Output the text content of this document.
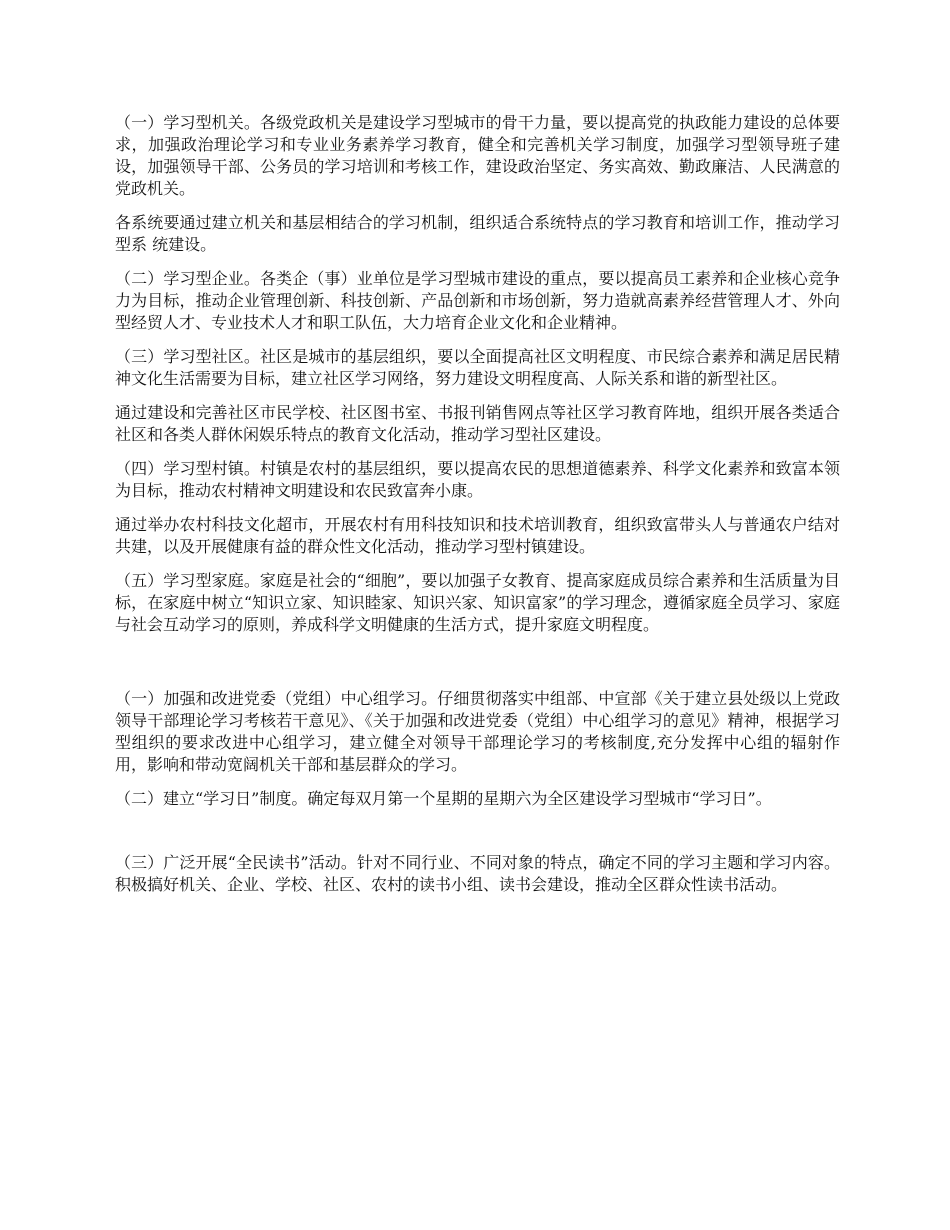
（一）学习型机关。各级党政机关是建设学习型城市的骨干力量，要以提高党的执政能力建设的总体要求，加强政治理论学习和专业业务素养学习教育，健全和完善机关学习制度，加强学习型领导班子建设，加强领导干部、公务员的学习培训和考核工作，建设政治坚定、务实高效、勤政廉洁、人民满意的党政机关。

各系统要通过建立机关和基层相结合的学习机制，组织适合系统特点的学习教育和培训工作，推动学习型系 统建设。

（二）学习型企业。各类企（事）业单位是学习型城市建设的重点，要以提高员工素养和企业核心竞争力为目标，推动企业管理创新、科技创新、产品创新和市场创新，努力造就高素养经营管理人才、外向型经贸人才、专业技术人才和职工队伍，大力培育企业文化和企业精神。

（三）学习型社区。社区是城市的基层组织，要以全面提高社区文明程度、市民综合素养和满足居民精神文化生活需要为目标，建立社区学习网络，努力建设文明程度高、人际关系和谐的新型社区。

通过建设和完善社区市民学校、社区图书室、书报刊销售网点等社区学习教育阵地，组织开展各类适合社区和各类人群休闲娱乐特点的教育文化活动，推动学习型社区建设。

（四）学习型村镇。村镇是农村的基层组织，要以提高农民的思想道德素养、科学文化素养和致富本领为目标，推动农村精神文明建设和农民致富奔小康。

通过举办农村科技文化超市，开展农村有用科技知识和技术培训教育，组织致富带头人与普通农户结对共建，以及开展健康有益的群众性文化活动，推动学习型村镇建设。

（五）学习型家庭。家庭是社会的“细胞”，要以加强子女教育、提高家庭成员综合素养和生活质量为目标，在家庭中树立“知识立家、知识睦家、知识兴家、知识富家”的学习理念，遵循家庭全员学习、家庭与社会互动学习的原则，养成科学文明健康的生活方式，提升家庭文明程度。

（一）加强和改进党委（党组）中心组学习。仔细贯彻落实中组部、中宣部《关于建立县处级以上党政领导干部理论学习考核若干意见》、《关于加强和改进党委（党组）中心组学习的意见》精神，根据学习型组织的要求改进中心组学习，建立健全对领导干部理论学习的考核制度,充分发挥中心组的辐射作用，影响和带动宽阔机关干部和基层群众的学习。

（二）建立“学习日”制度。确定每双月第一个星期的星期六为全区建设学习型城市“学习日”。

（三）广泛开展“全民读书”活动。针对不同行业、不同对象的特点，确定不同的学习主题和学习内容。积极搞好机关、企业、学校、社区、农村的读书小组、读书会建设，推动全区群众性读书活动。
